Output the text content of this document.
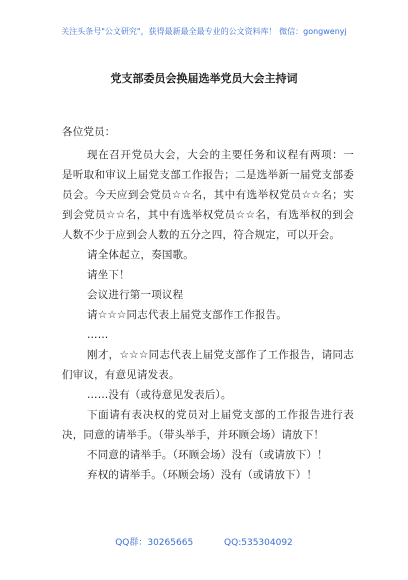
关注头条号"公文研究"，获得最新最全最专业的公文资料库！ 微信：gongwenyj
党支部委员会换届选举党员大会主持词

各位党员：

现在召开党员大会，大会的主要任务和议程有两项：一是听取和审议上届党支部工作报告；二是选举新一届党支部委员会。今天应到会党员☆☆名，其中有选举权党员☆☆名；实到会党员☆☆名，其中有选举权党员☆☆名，有选举权的到会人数不少于应到会人数的五分之四，符合规定，可以开会。

请全体起立，奏国歌。

请坐下！

会议进行第一项议程

请☆☆☆同志代表上届党支部作工作报告。

……

刚才，☆☆☆同志代表上届党支部作了工作报告，请同志们审议，有意见请发表。

……没有（或待意见发表后）。

下面请有表决权的党员对上届党支部的工作报告进行表决，同意的请举手。（带头举手，并环顾会场）请放下！

不同意的请举手。（环顾会场）没有（或请放下）！

弃权的请举手。（环顾会场）没有（或请放下）！

QQ群：30265665	QQ:535304092
